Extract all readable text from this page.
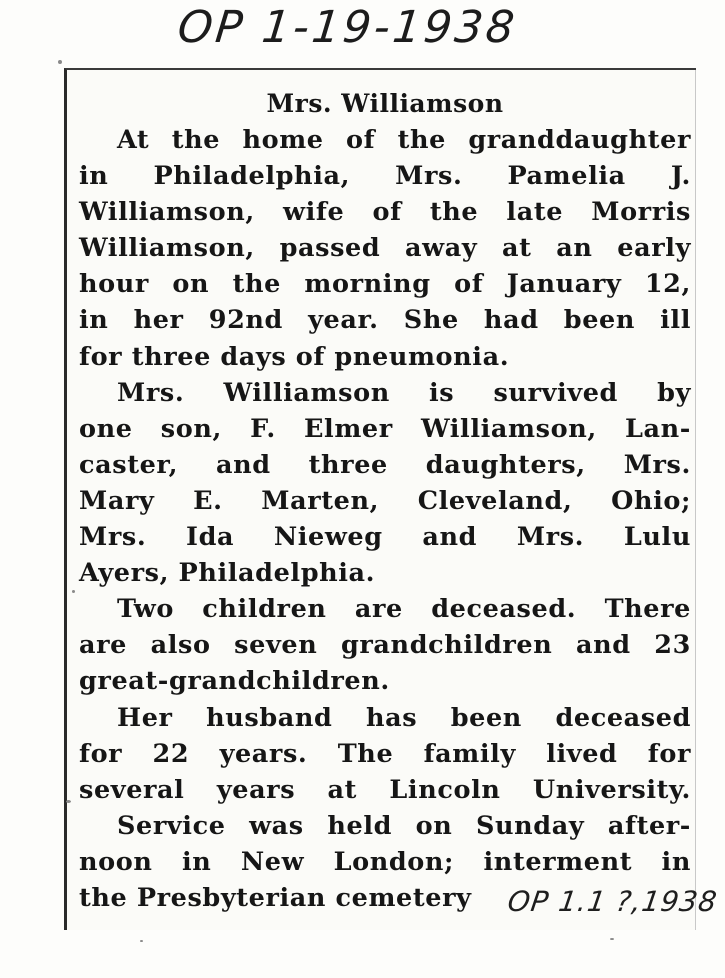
OP 1-19-1938
Mrs. Williamson
At the home of the granddaughter
in Philadelphia, Mrs. Pamelia J.
Williamson, wife of the late Morris
Williamson, passed away at an early
hour on the morning of January 12,
in her 92nd year. She had been ill
for three days of pneumonia.
Mrs. Williamson is survived by
one son, F. Elmer Williamson, Lan-
caster, and three daughters, Mrs.
Mary E. Marten, Cleveland, Ohio;
Mrs. Ida Nieweg and Mrs. Lulu
Ayers, Philadelphia.
Two children are deceased. There
are also seven grandchildren and 23
great-grandchildren.
Her husband has been deceased
for 22 years. The family lived for
several years at Lincoln University.
Service was held on Sunday after-
noon in New London; interment in
the Presbyterian cemetery	OP 1.1 ?,1938
